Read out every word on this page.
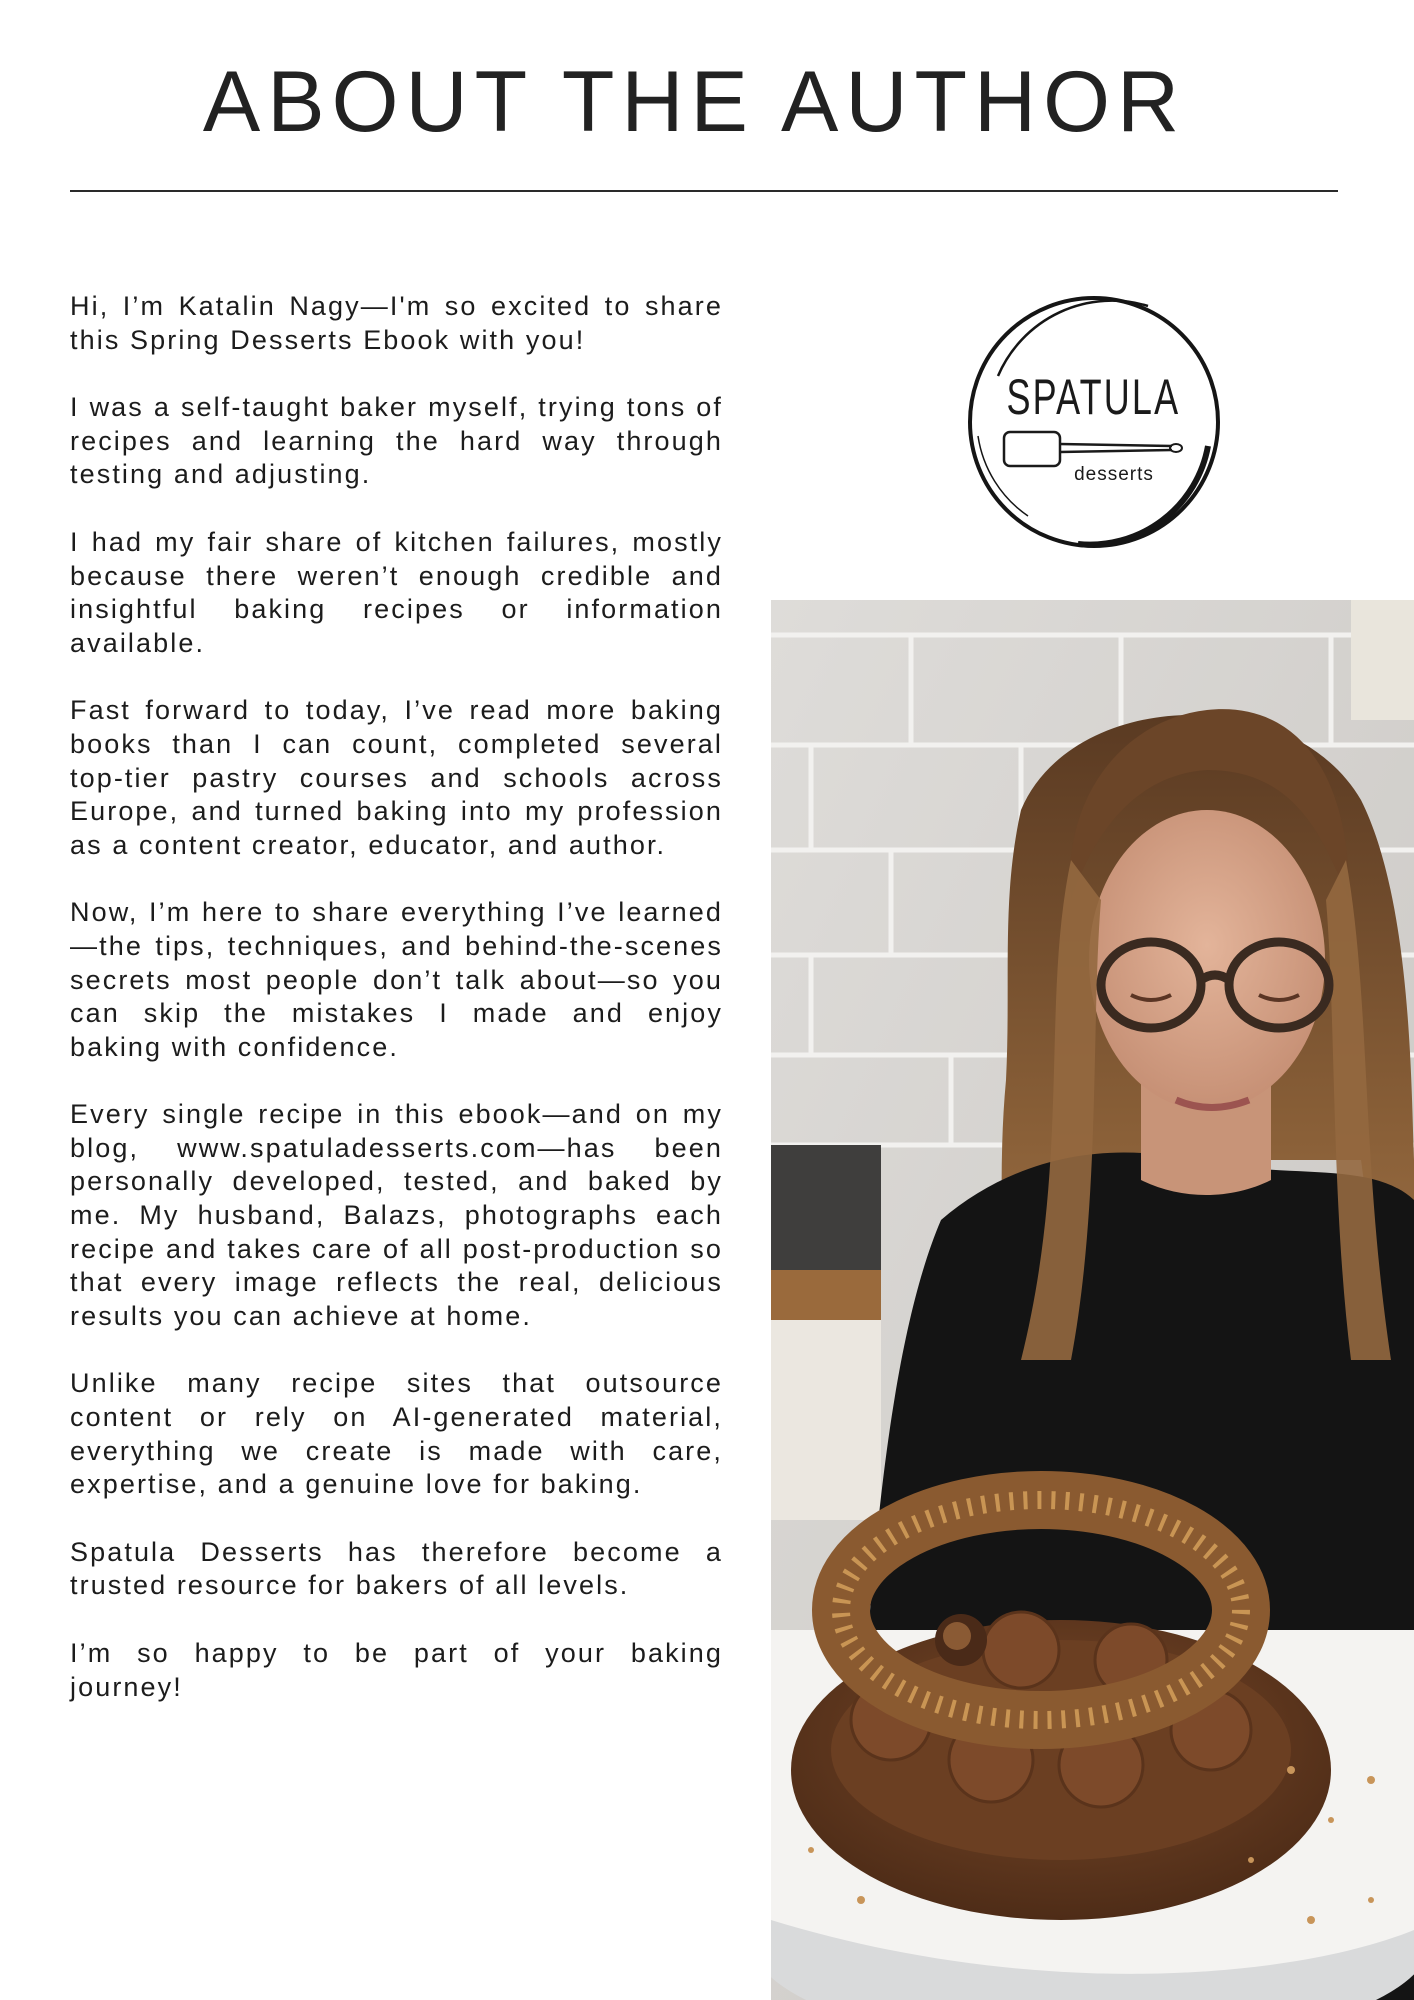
ABOUT THE AUTHOR

Hi, I’m Katalin Nagy—I'm so excited to share this Spring Desserts Ebook with you!

I was a self-taught baker myself, trying tons of recipes and learning the hard way through testing and adjusting.

I had my fair share of kitchen failures, mostly because there weren’t enough credible and insightful baking recipes or information available.

Fast forward to today, I’ve read more baking books than I can count, completed several top-tier pastry courses and schools across Europe, and turned baking into my profession as a content creator, educator, and author.

Now, I’m here to share everything I’ve learned—the tips, techniques, and behind-the-scenes secrets most people don’t talk about—so you can skip the mistakes I made and enjoy baking with confidence.

Every single recipe in this ebook—and on my blog, www.spatuladesserts.com—has been personally developed, tested, and baked by me. My husband, Balazs, photographs each recipe and takes care of all post-production so that every image reflects the real, delicious results you can achieve at home.

Unlike many recipe sites that outsource content or rely on AI-generated material, everything we create is made with care, expertise, and a genuine love for baking.

Spatula Desserts has therefore become a trusted resource for bakers of all levels.

I’m so happy to be part of your baking journey!

SPATULA
desserts
